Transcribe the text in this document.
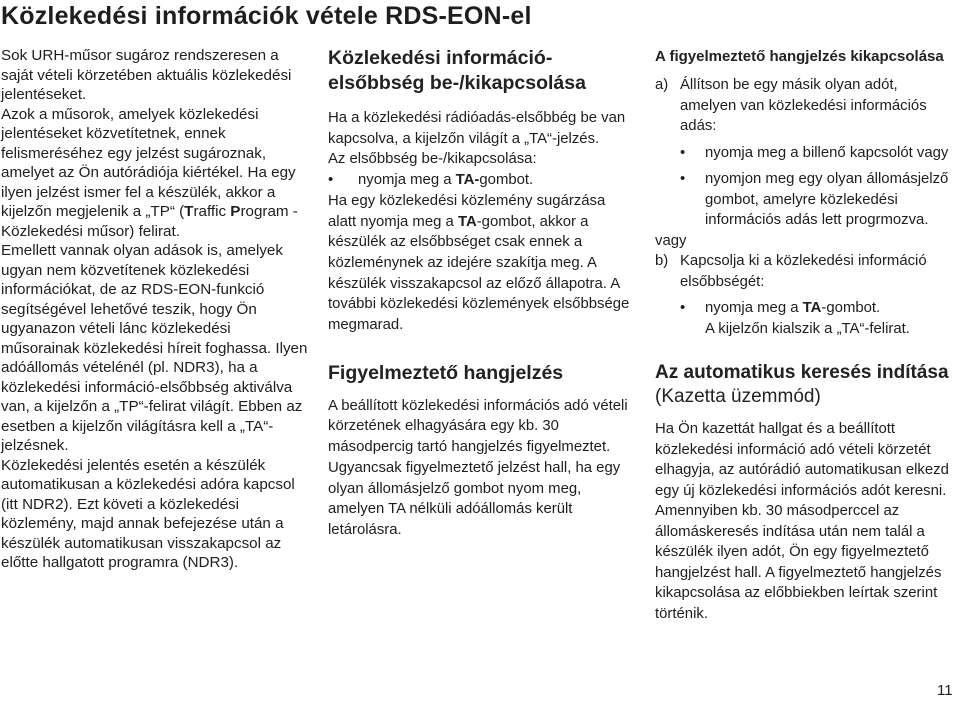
Közlekedési információk vétele RDS-EON-el

Sok URH-műsor sugároz rendszeresen a saját vételi körzetében aktuális közlekedési jelentéseket.

Azok a műsorok, amelyek közlekedési jelentéseket közvetítetnek, ennek felismeréséhez egy jelzést sugároznak, amelyet az Ön autórádiója kiértékel. Ha egy ilyen jelzést ismer fel a készülék, akkor a kijelzőn megjelenik a „TP“ (Traffic Program - Közlekedési műsor) felirat.

Emellett vannak olyan adások is, amelyek ugyan nem közvetítenek közlekedési információkat, de az RDS-EON-funkció segítségével lehetővé teszik, hogy Ön ugyanazon vételi lánc közlekedési műsorainak közlekedési híreit foghassa. Ilyen adóállomás vételénél (pl. NDR3), ha a közlekedési információ-elsőbbség aktiválva van, a kijelzőn a „TP“-felirat világít. Ebben az esetben a kijelzőn világításra kell a „TA“-jelzésnek.

Közlekedési jelentés esetén a készülék automatikusan a közlekedési adóra kapcsol (itt NDR2). Ezt követi a közlekedési közlemény, majd annak befejezése után a készülék automatikusan visszakapcsol az előtte hallgatott programra (NDR3).

Közlekedési információ-elsőbbség be-/kikapcsolása

Ha a közlekedési rádióadás-elsőbbég be van kapcsolva, a kijelzőn világít a „TA“-jelzés.

Az elsőbbség be-/kikapcsolása:

•	nyomja meg a TA-gombot.

Ha egy közlekedési közlemény sugárzása alatt nyomja meg a TA-gombot, akkor a készülék az elsőbbséget csak ennek a közleménynek az idejére szakítja meg. A készülék visszakapcsol az előző állapotra. A további közlekedési közlemények elsőbbsége megmarad.

Figyelmeztető hangjelzés

A beállított közlekedési információs adó vételi körzetének elhagyására egy kb. 30 másodpercig tartó hangjelzés figyelmeztet. Ugyancsak figyelmeztető jelzést hall, ha egy olyan állomásjelző gombot nyom meg, amelyen TA nélküli adóállomás került letárolásra.

A figyelmeztető hangjelzés kikapcsolása
a) Állítson be egy másik olyan adót, amelyen van közlekedési információs adás:
•	nyomja meg a billenő kapcsolót vagy
•	nyomjon meg egy olyan állomásjelző gombot, amelyre közlekedési információs adás lett progrmozva.

vagy

b) Kapcsolja ki a közlekedési információ elsőbbségét:
•	nyomja meg a TA-gombot.
A kijelzőn kialszik a „TA“-felirat.
Az automatikus keresés indítása
(Kazetta üzemmód)

Ha Ön kazettát hallgat és a beállított közlekedési információ adó vételi körzetét elhagyja, az autórádió automatikusan elkezd egy új közlekedési információs adót keresni.

Amennyiben kb. 30 másodperccel az állomáskeresés indítása után nem talál a készülék ilyen adót, Ön egy figyelmeztető hangjelzést hall. A figyelmeztető hangjelzés kikapcsolása az előbbiekben leírtak szerint történik.

11
